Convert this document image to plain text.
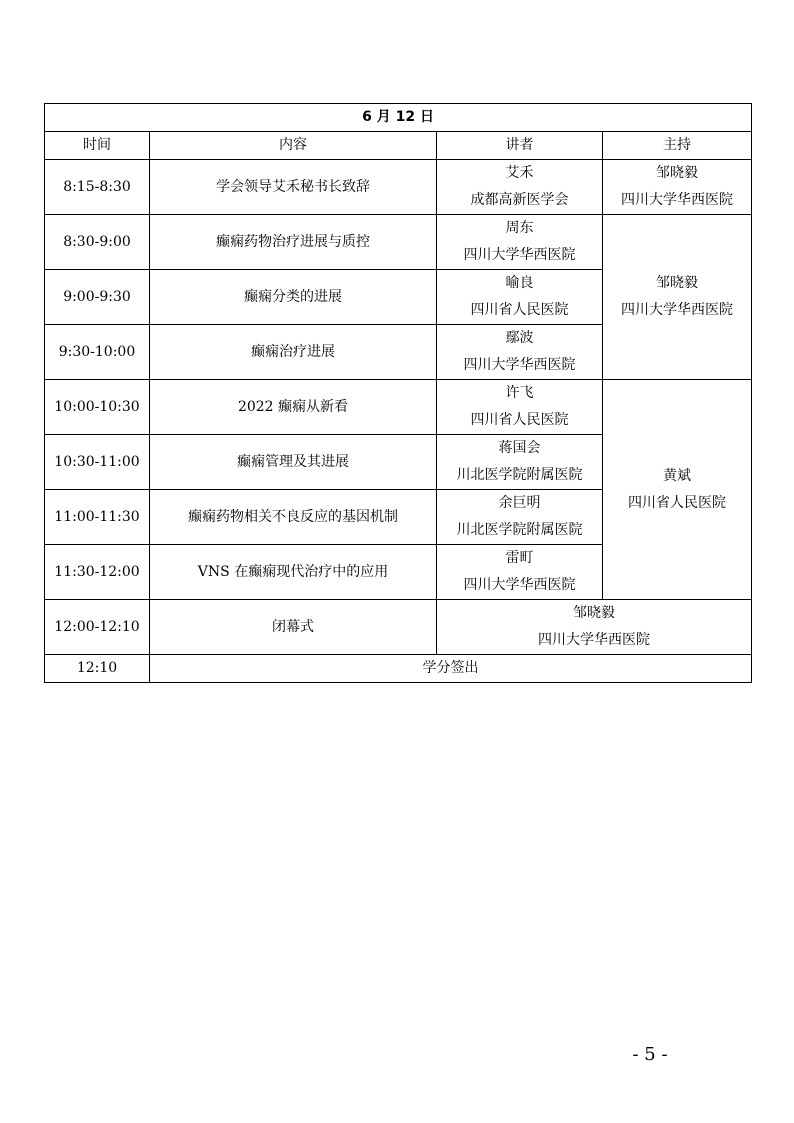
6 月 12 日			
时间	内容	讲者	主持
8:15-8:30	学会领导艾禾秘书长致辞	艾禾
成都高新医学会	邹晓毅
四川大学华西医院

8:30-9:00	癫痫药物治疗进展与质控	周东
四川大学华西医院	邹晓毅
四川大学华西医院

9:00-9:30	癫痫分类的进展	喻良
四川省人民医院	

9:30-10:00	癫痫治疗进展	鄢波
四川大学华西医院	

10:00-10:30	2022 癫痫从新看	许飞
四川省人民医院	黄斌
四川省人民医院

10:30-11:00	癫痫管理及其进展	蒋国会
川北医学院附属医院	

11:00-11:30	癫痫药物相关不良反应的基因机制	余巨明
川北医学院附属医院	

11:30-12:00	VNS 在癫痫现代治疗中的应用	雷町
四川大学华西医院	

12:00-12:10	闭幕式	邹晓毅
四川大学华西医院	

12:10	学分签出		
- 5 -
